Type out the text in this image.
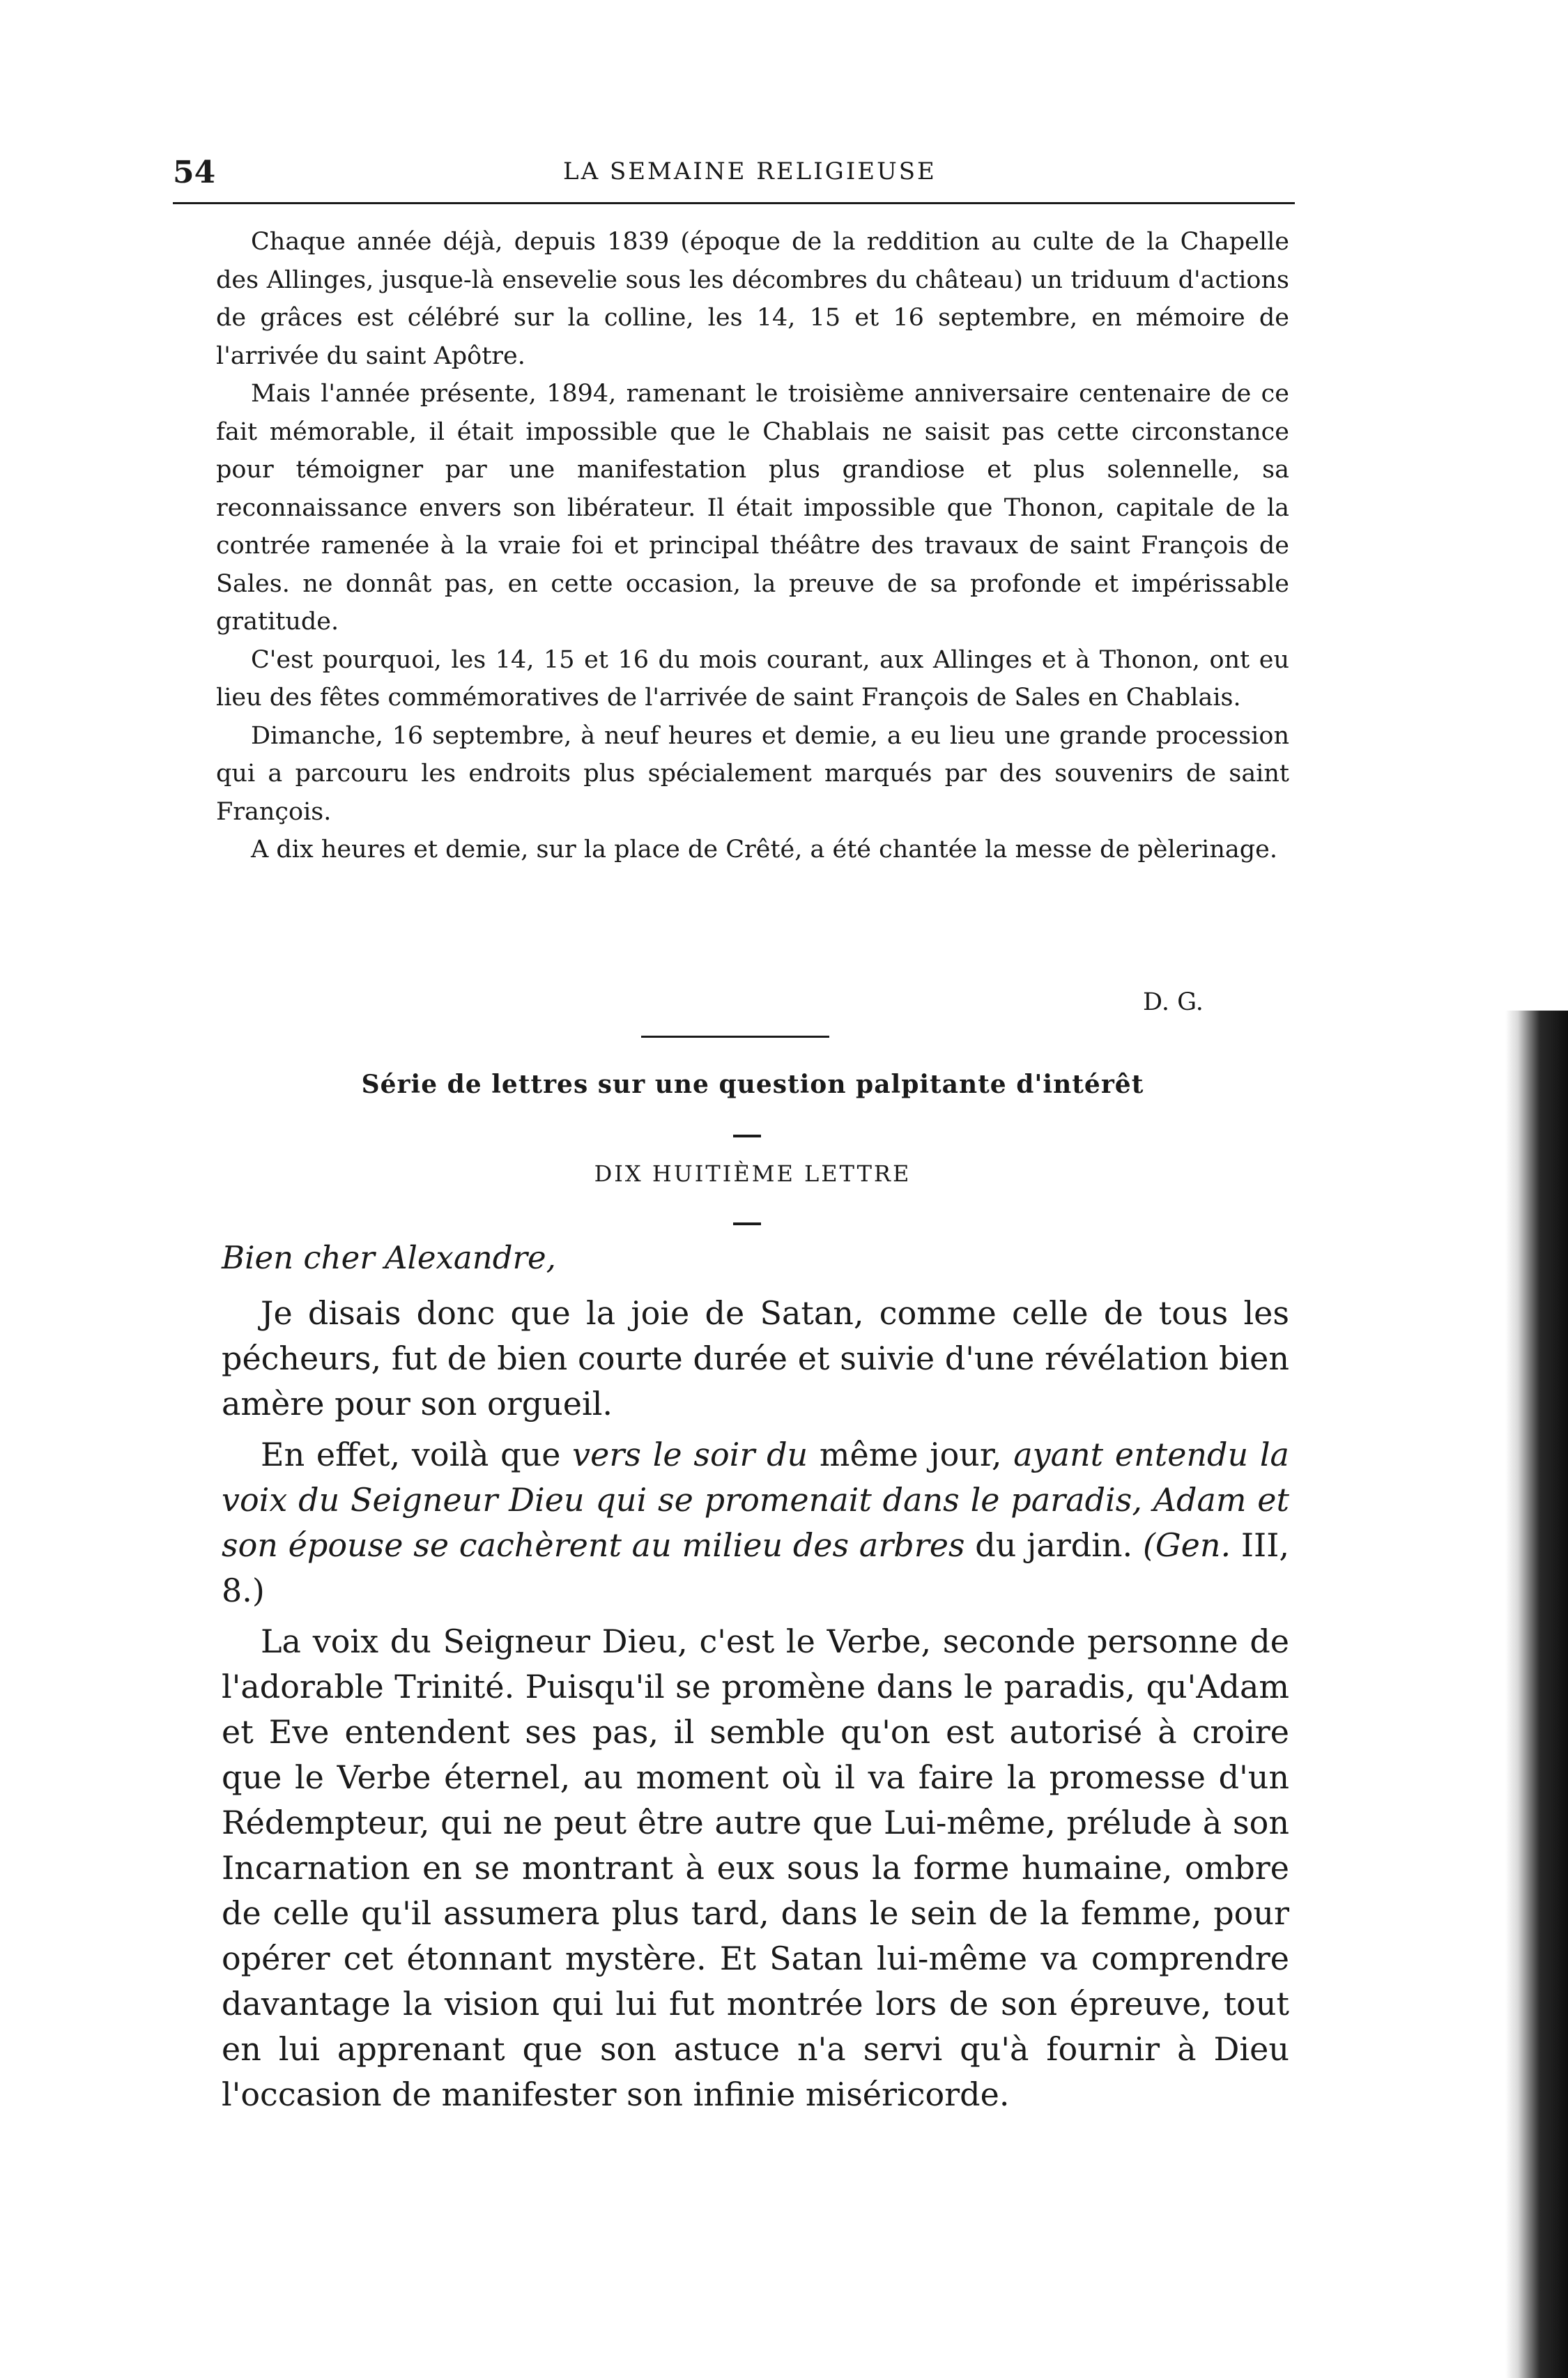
54	LA SEMAINE RELIGIEUSE

Chaque année déjà, depuis 1839 (époque de la reddition au culte de la Chapelle des Allinges, jusque-là ensevelie sous les décombres du château) un triduum d'actions de grâces est célébré sur la colline, les 14, 15 et 16 septembre, en mémoire de l'arrivée du saint Apôtre.

Mais l'année présente, 1894, ramenant le troisième anniversaire centenaire de ce fait mémorable, il était impossible que le Chablais ne saisit pas cette circonstance pour témoigner par une manifestation plus grandiose et plus solennelle, sa reconnaissance envers son libérateur. Il était impossible que Thonon, capitale de la contrée ramenée à la vraie foi et principal théâtre des travaux de saint François de Sales. ne donnât pas, en cette occasion, la preuve de sa profonde et impérissable gratitude.

C'est pourquoi, les 14, 15 et 16 du mois courant, aux Allinges et à Thonon, ont eu lieu des fêtes commémoratives de l'arrivée de saint François de Sales en Chablais.

Dimanche, 16 septembre, à neuf heures et demie, a eu lieu une grande procession qui a parcouru les endroits plus spécialement marqués par des souvenirs de saint François.

A dix heures et demie, sur la place de Crêté, a été chantée la messe de pèlerinage.

D. G.
Série de lettres sur une question palpitante d'intérêt
DIX HUITIÈME LETTRE
Bien cher Alexandre,

Je disais donc que la joie de Satan, comme celle de tous les pécheurs, fut de bien courte durée et suivie d'une révélation bien amère pour son orgueil.

En effet, voilà que vers le soir du même jour, ayant entendu la voix du Seigneur Dieu qui se promenait dans le paradis, Adam et son épouse se cachèrent au milieu des arbres du jardin. (Gen. III, 8.)

La voix du Seigneur Dieu, c'est le Verbe, seconde personne de l'adorable Trinité. Puisqu'il se promène dans le paradis, qu'Adam et Eve entendent ses pas, il semble qu'on est autorisé à croire que le Verbe éternel, au moment où il va faire la promesse d'un Rédempteur, qui ne peut être autre que Lui-même, prélude à son Incarnation en se montrant à eux sous la forme humaine, ombre de celle qu'il assumera plus tard, dans le sein de la femme, pour opérer cet étonnant mystère. Et Satan lui-même va comprendre davantage la vision qui lui fut montrée lors de son épreuve, tout en lui apprenant que son astuce n'a servi qu'à fournir à Dieu l'occasion de manifester son infinie miséricorde.
